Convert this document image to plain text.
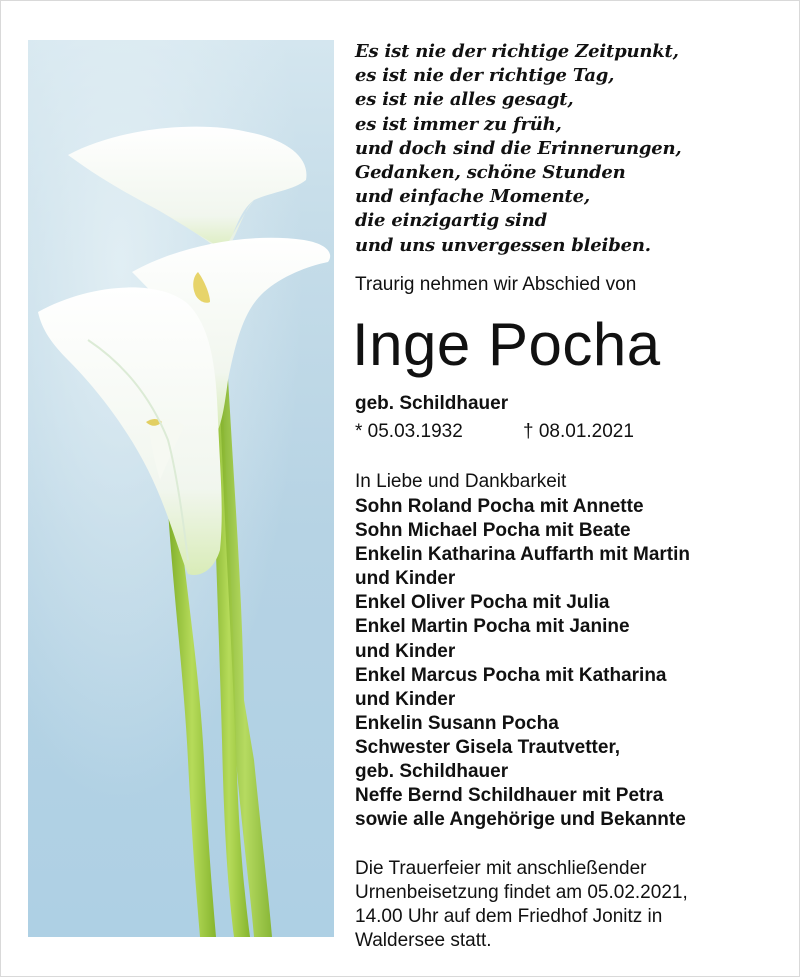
Es ist nie der richtige Zeitpunkt,
es ist nie der richtige Tag,
es ist nie alles gesagt,
es ist immer zu früh,
und doch sind die Erinnerungen,
Gedanken, schöne Stunden
und einfache Momente,
die einzigartig sind
und uns unvergessen bleiben.
Traurig nehmen wir Abschied von
Inge Pocha
geb. Schildhauer
* 05.03.1932	† 08.01.2021
In Liebe und Dankbarkeit
Sohn Roland Pocha mit Annette
Sohn Michael Pocha mit Beate
Enkelin Katharina Auffarth mit Martin
und Kinder
Enkel Oliver Pocha mit Julia
Enkel Martin Pocha mit Janine
und Kinder
Enkel Marcus Pocha mit Katharina
und Kinder
Enkelin Susann Pocha
Schwester Gisela Trautvetter,
geb. Schildhauer
Neffe Bernd Schildhauer mit Petra
sowie alle Angehörige und Bekannte
Die Trauerfeier mit anschließender
Urnenbeisetzung findet am 05.02.2021,
14.00 Uhr auf dem Friedhof Jonitz in
Waldersee statt.
